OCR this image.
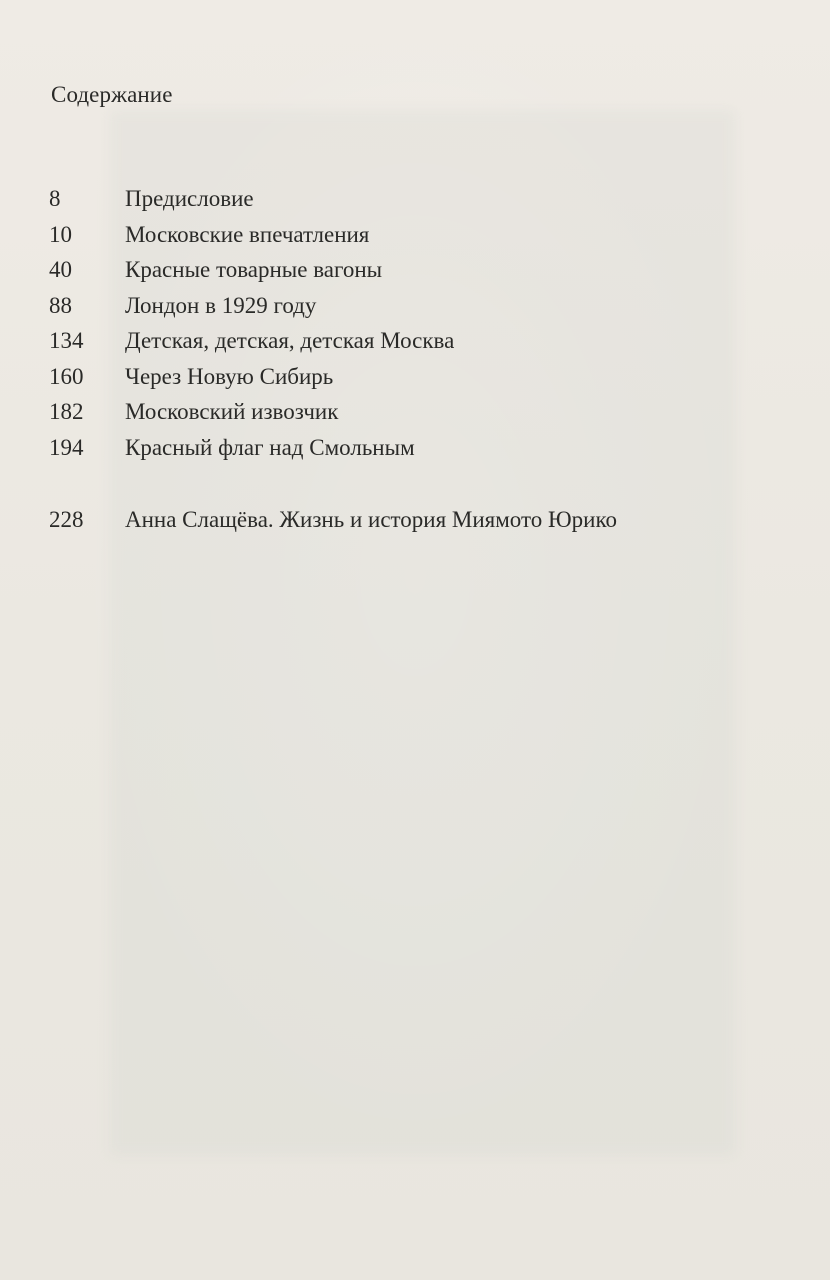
Содержание
8	Предисловие
10	Московские впечатления
40	Красные товарные вагоны
88	Лондон в 1929 году
134	Детская, детская, детская Москва
160	Через Новую Сибирь
182	Московский извозчик
194	Красный флаг над Смольным
228	Анна Слащёва. Жизнь и история Миямото Юрико
